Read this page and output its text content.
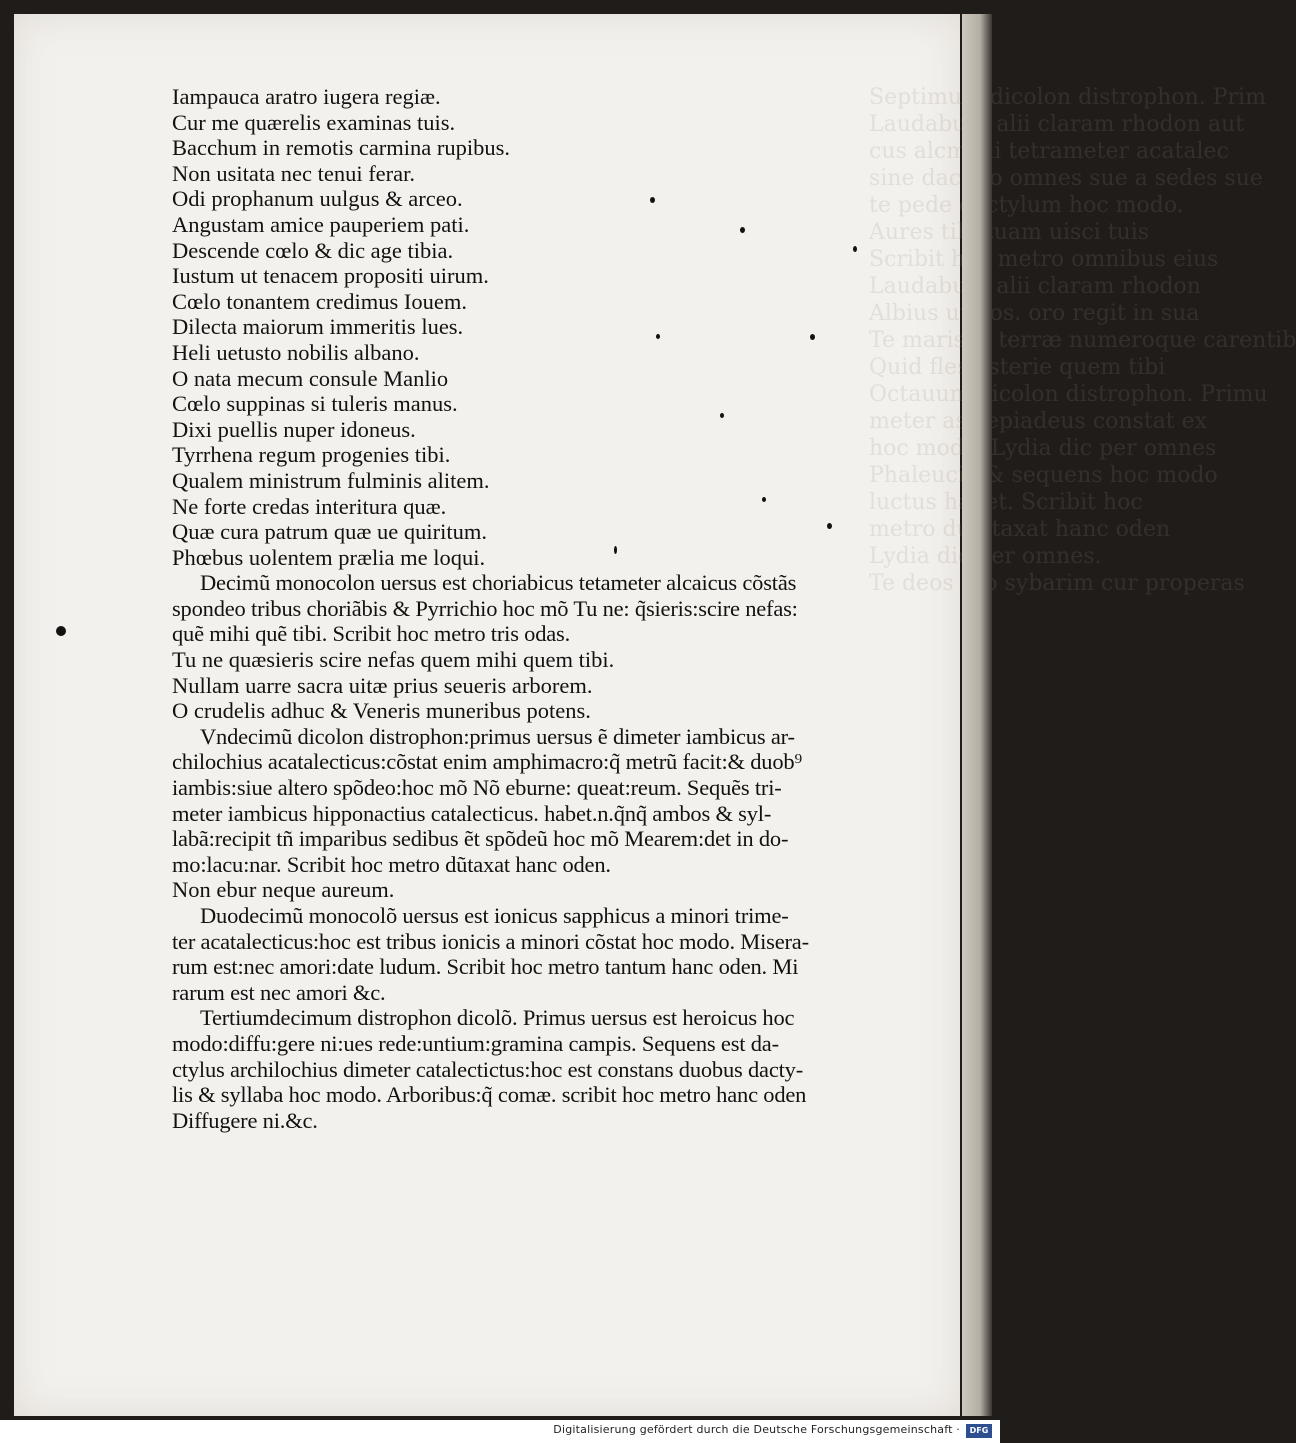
Septimum dicolon distrophon. Prim
Laudabunt alii claram rhodon aut
cus alcmani tetrameter acatalec
sine dactylo omnes sue a sedes sue
te pede dactylum hoc modo.
Aures tibi tuam uisci tuis
Scribit hoc metro omnibus eius
Laudabunt alii claram rhodon
Albius ut nos. oro regit in sua
Te maris & terræ numeroque carentib
Quid fles asterie quem tibi
Octauum dicolon distrophon. Primu
meter asclepiadeus constat ex
hoc modo. Lydia dic per omnes
Phaleucio & sequens hoc modo
luctus habet. Scribit hoc
metro dumtaxat hanc oden
Lydia dic per omnes.
Te deos oro sybarim cur properas
Iampauca aratro iugera regiæ.
Cur me quærelis examinas tuis.
Bacchum in remotis carmina rupibus.
Non usitata nec tenui ferar.
Odi prophanum uulgus & arceo.
Angustam amice pauperiem pati.
Descende cœlo & dic age tibia.
Iustum ut tenacem propositi uirum.
Cœlo tonantem credimus Iouem.
Dilecta maiorum immeritis lues.
Heli uetusto nobilis albano.
O nata mecum consule Manlio
Cœlo suppinas si tuleris manus.
Dixi puellis nuper idoneus.
Tyrrhena regum progenies tibi.
Qualem ministrum fulminis alitem.
Ne forte credas interitura quæ.
Quæ cura patrum quæ ue quiritum.
Phœbus uolentem prælia me loqui.
Decimũ monocolon uersus est choriabicus tetameter alcaicus cõstãs
spondeo tribus choriãbis & Pyrrichio hoc mõ Tu ne: q̃sieris:scire nefas:
quẽ mihi quẽ tibi. Scribit hoc metro tris odas.
Tu ne quæsieris scire nefas quem mihi quem tibi.
Nullam uarre sacra uitæ prius seueris arborem.
O crudelis adhuc & Veneris muneribus potens.
Vndecimũ dicolon distrophon:primus uersus ẽ dimeter iambicus ar-
chilochius acatalecticus:cõstat enim amphimacro:q̃ metrũ facit:& duob⁹
iambis:siue altero spõdeo:hoc mõ Nõ eburne: queat:reum. Sequẽs tri-
meter iambicus hipponactius catalecticus. habet.n.q̃nq̃ ambos & syl-
labã:recipit tñ imparibus sedibus ẽt spõdeũ hoc mõ Mearem:det in do-
mo:lacu:nar. Scribit hoc metro dũtaxat hanc oden.
Non ebur neque aureum.
Duodecimũ monocolõ uersus est ionicus sapphicus a minori trime-
ter acatalecticus:hoc est tribus ionicis a minori cõstat hoc modo. Misera-
rum est:nec amori:date ludum. Scribit hoc metro tantum hanc oden. Mi
rarum est nec amori &c.
Tertiumdecimum distrophon dicolõ. Primus uersus est heroicus hoc
modo:diffu:gere ni:ues rede:untium:gramina campis. Sequens est da-
ctylus archilochius dimeter catalectictus:hoc est constans duobus dacty-
lis & syllaba hoc modo. Arboribus:q̃ comæ. scribit hoc metro hanc oden
Diffugere ni.&c.
Digitalisierung gefördert durch die Deutsche Forschungsgemeinschaft ·	DFG
